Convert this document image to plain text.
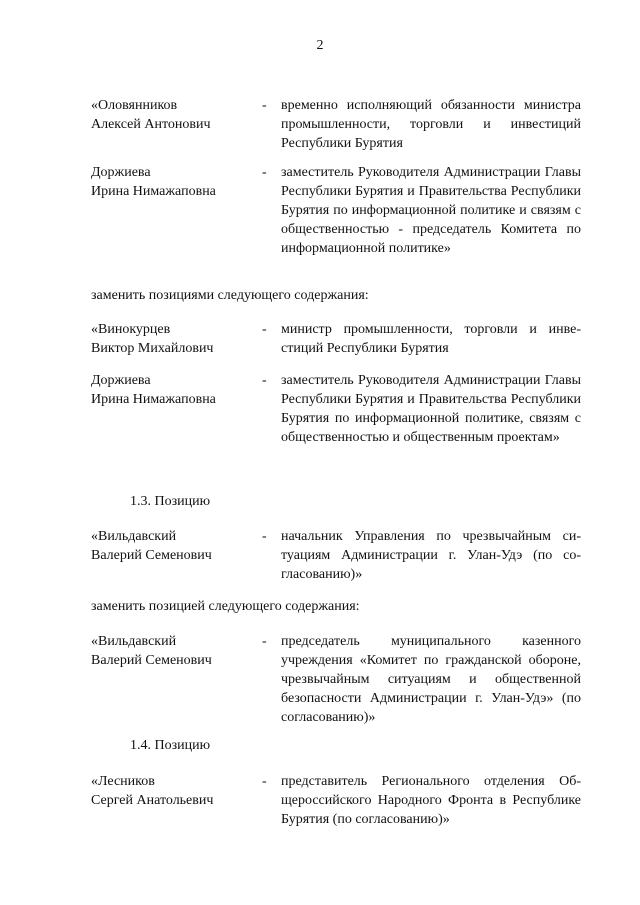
2
«Оловянников
Алексей Антонович
- временно исполняющий обязанности министра промышленности, торговли и инвестиций Республики Бурятия
Доржиева
Ирина Нимажаповна
- заместитель Руководителя Администрации Главы Республики Бурятия и Правительства Республики Бурятия по информационной политике и связям с общественностью - председатель Комитета по информационной политике»
заменить позициями следующего содержания:
«Винокурцев
Виктор Михайлович
- министр промышленности, торговли и инвестиций Республики Бурятия
Доржиева
Ирина Нимажаповна
- заместитель Руководителя Администрации Главы Республики Бурятия и Правительства Республики Бурятия по информационной политике, связям с общественностью и общественным проектам»
1.3. Позицию
«Вильдавский
Валерий Семенович
- начальник Управления по чрезвычайным ситуациям Администрации г. Улан-Удэ (по согласованию)»
заменить позицией следующего содержания:
«Вильдавский
Валерий Семенович
- председатель муниципального казенного учреждения «Комитет по гражданской обороне, чрезвычайным ситуациям и общественной безопасности Администрации г. Улан-Удэ» (по согласованию)»
1.4. Позицию
«Лесников
Сергей Анатольевич
- представитель Регионального отделения Общероссийского Народного Фронта в Республике Бурятия (по согласованию)»
